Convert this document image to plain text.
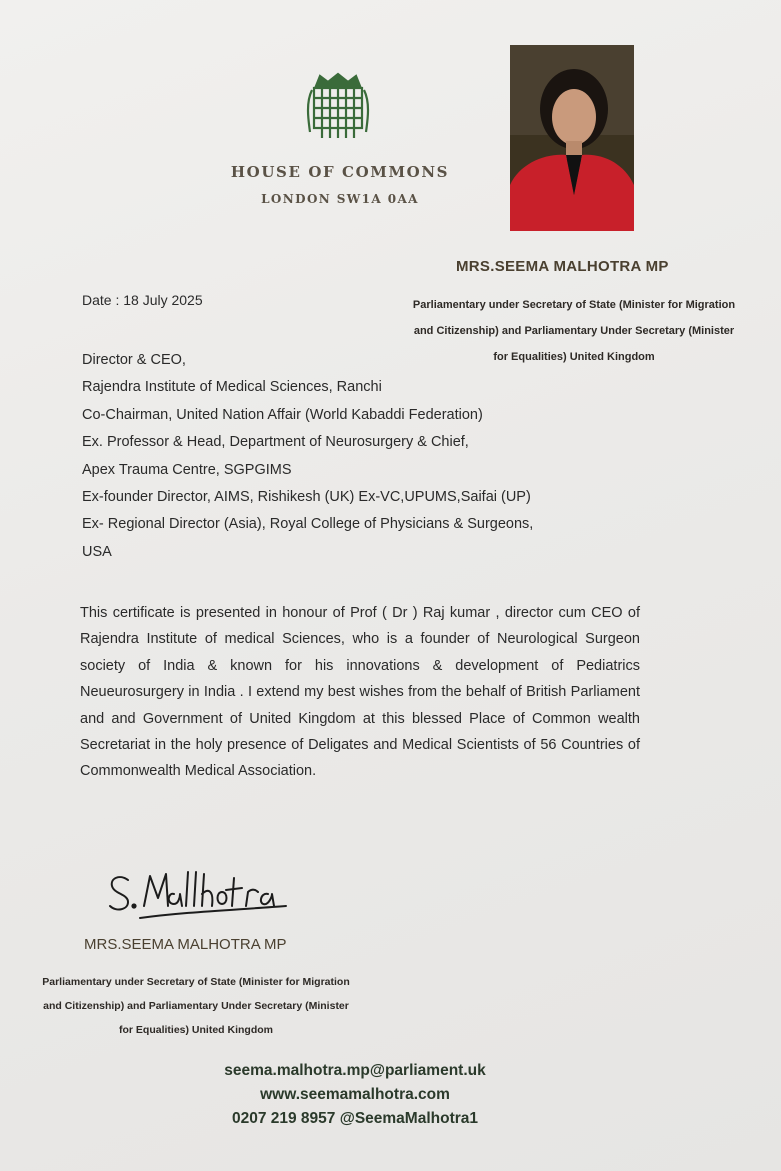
HOUSE OF COMMONS
LONDON SW1A 0AA
MRS.SEEMA MALHOTRA MP
Parliamentary under Secretary of State (Minister for Migration
and Citizenship) and Parliamentary Under Secretary (Minister
for Equalities) United Kingdom
Date : 18 July 2025
Director & CEO,
Rajendra Institute of Medical Sciences, Ranchi
Co-Chairman, United Nation Affair (World Kabaddi Federation)
Ex. Professor & Head, Department of Neurosurgery & Chief,
Apex Trauma Centre, SGPGIMS
Ex-founder Director, AIMS, Rishikesh (UK) Ex-VC,UPUMS,Saifai (UP)
Ex- Regional Director (Asia), Royal College of Physicians & Surgeons,
USA
This certificate is presented in honour of Prof ( Dr ) Raj kumar , director cum CEO of Rajendra Institute of medical Sciences, who is a founder of Neurological Surgeon society of India & known for his innovations & development of Pediatrics Neueurosurgery in India . I extend my best wishes from the behalf of British Parliament and and Government of United Kingdom at this blessed Place of Common wealth Secretariat in the holy presence of Deligates and Medical Scientists of 56 Countries of Commonwealth Medical Association.
MRS.SEEMA MALHOTRA MP
Parliamentary under Secretary of State (Minister for Migration
and Citizenship) and Parliamentary Under Secretary (Minister
for Equalities) United Kingdom
seema.malhotra.mp@parliament.uk
www.seemamalhotra.com
0207 219 8957 @SeemaMalhotra1
